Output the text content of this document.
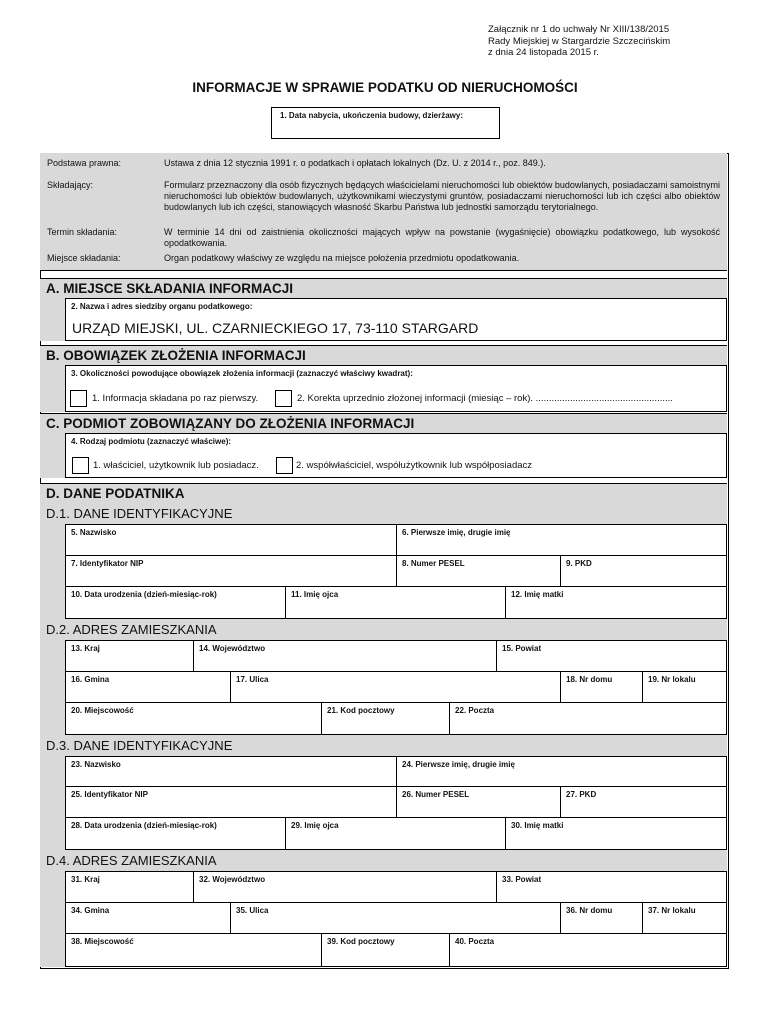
Załącznik nr 1 do uchwały Nr XIII/138/2015
Rady Miejskiej w Stargardzie Szczecińskim
z dnia 24 listopada 2015 r.
INFORMACJE W SPRAWIE PODATKU OD NIERUCHOMOŚCI
1. Data nabycia, ukończenia budowy, dzierżawy:
Podstawa prawna:	Ustawa z dnia 12 stycznia 1991 r. o podatkach i opłatach lokalnych (Dz. U. z 2014 r., poz. 849.).
Składający:	Formularz przeznaczony dla osób fizycznych będących właścicielami nieruchomości lub obiektów budowlanych, posiadaczami samoistnymi nieruchomości lub obiektów budowlanych, użytkownikami wieczystymi gruntów, posiadaczami nieruchomości lub ich części albo obiektów budowlanych lub ich części, stanowiących własność Skarbu Państwa lub jednostki samorządu terytorialnego.
Termin składania:	W terminie 14 dni od zaistnienia okoliczności mających wpływ na powstanie (wygaśnięcie) obowiązku podatkowego, lub wysokość opodatkowania.
Miejsce składania:	Organ podatkowy właściwy ze względu na miejsce położenia przedmiotu opodatkowania.
A. MIEJSCE SKŁADANIA INFORMACJI
2. Nazwa i adres siedziby organu podatkowego:
URZĄD MIEJSKI, UL. CZARNIECKIEGO 17, 73-110 STARGARD
B. OBOWIĄZEK ZŁOŻENIA INFORMACJI
3. Okoliczności powodujące obowiązek złożenia informacji (zaznaczyć właściwy kwadrat):
1. Informacja składana po raz pierwszy.	2. Korekta uprzednio złożonej informacji (miesiąc – rok). ....................................................
C. PODMIOT ZOBOWIĄZANY DO ZŁOŻENIA INFORMACJI
4. Rodzaj podmiotu (zaznaczyć właściwe):
1. właściciel, użytkownik lub posiadacz.	2. współwłaściciel, współużytkownik lub współposiadacz
D. DANE PODATNIKA
D.1. DANE IDENTYFIKACYJNE
5. Nazwisko	6. Pierwsze imię, drugie imię
7. Identyfikator NIP	8. Numer PESEL	9. PKD
10. Data urodzenia (dzień-miesiąc-rok)	11. Imię ojca	12. Imię matki
D.2. ADRES ZAMIESZKANIA
13. Kraj	14. Województwo	15. Powiat
16. Gmina	17. Ulica	18. Nr domu	19. Nr lokalu
20. Miejscowość	21. Kod pocztowy	22. Poczta
D.3. DANE IDENTYFIKACYJNE
23. Nazwisko	24. Pierwsze imię, drugie imię
25. Identyfikator NIP	26. Numer PESEL	27. PKD
28. Data urodzenia (dzień-miesiąc-rok)	29. Imię ojca	30. Imię matki
D.4. ADRES ZAMIESZKANIA
31. Kraj	32. Województwo	33. Powiat
34. Gmina	35. Ulica	36. Nr domu	37. Nr lokalu
38. Miejscowość	39. Kod pocztowy	40. Poczta
